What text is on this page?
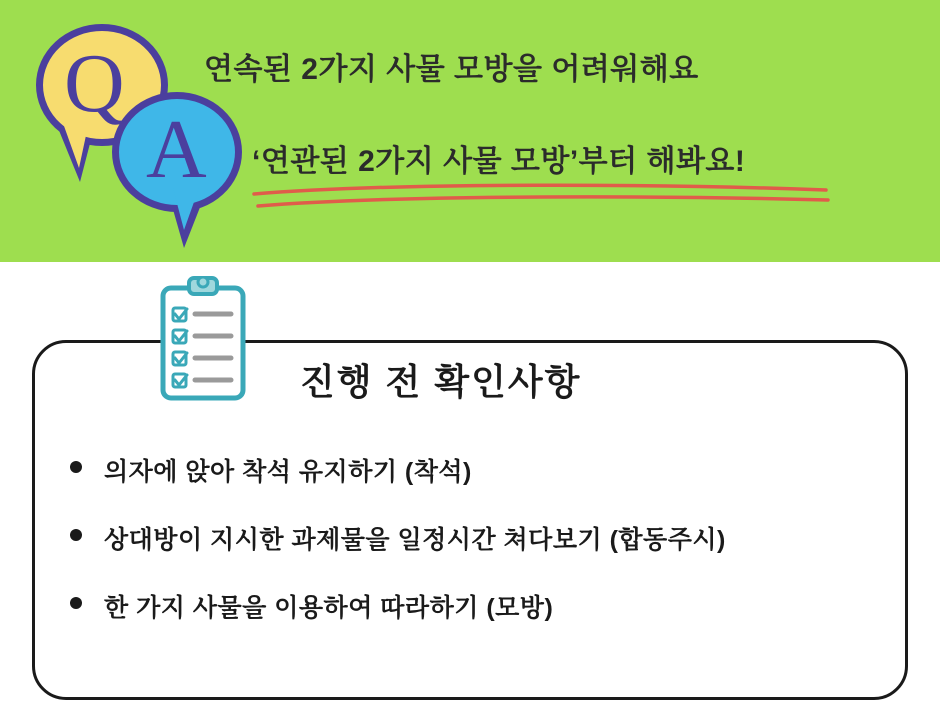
Q
A
연속된 2가지 사물 모방을 어려워해요
‘연관된 2가지 사물 모방’부터 해봐요!
진행 전 확인사항
의자에 앉아 착석 유지하기 (착석)
상대방이 지시한 과제물을 일정시간 쳐다보기 (합동주시)
한 가지 사물을 이용하여 따라하기 (모방)
